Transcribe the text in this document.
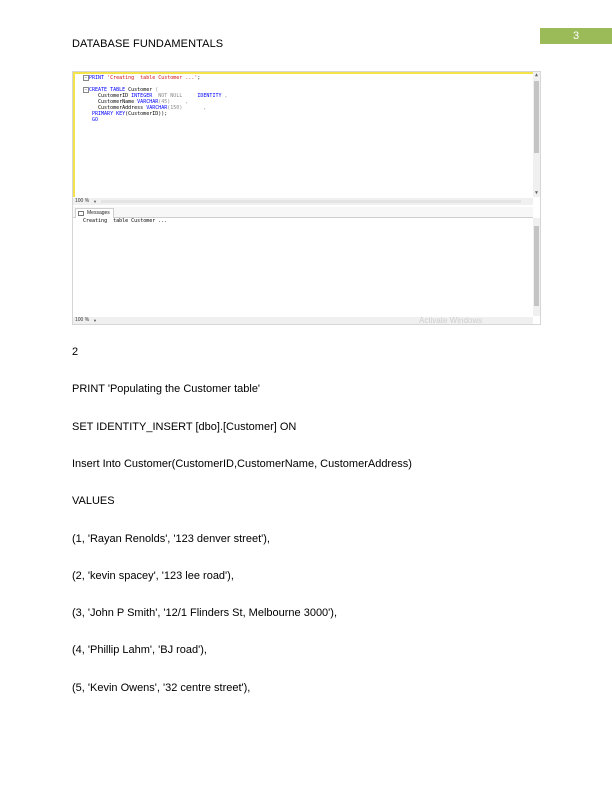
3
DATABASE FUNDAMENTALS
−
−
PRINT 'Creating  table Customer ...';
CREATE TABLE Customer (
CustomerID INTEGER  NOT NULL     IDENTITY ,
CustomerName VARCHAR(45)     ,
CustomerAddress VARCHAR(150)       ,
PRIMARY KEY(CustomerID));
GO
▲
▼
100 % ▼
Messages
Creating  table Customer ...
100 % ▼	Activate Windows
2
PRINT 'Populating the Customer table'
SET IDENTITY_INSERT [dbo].[Customer] ON
Insert Into Customer(CustomerID,CustomerName, CustomerAddress)
VALUES
(1, 'Rayan Renolds', '123 denver street'),
(2, 'kevin spacey', '123 lee road'),
(3, 'John P Smith', '12/1 Flinders St, Melbourne 3000'),
(4, 'Phillip Lahm', 'BJ road'),
(5, 'Kevin Owens', '32 centre street'),
